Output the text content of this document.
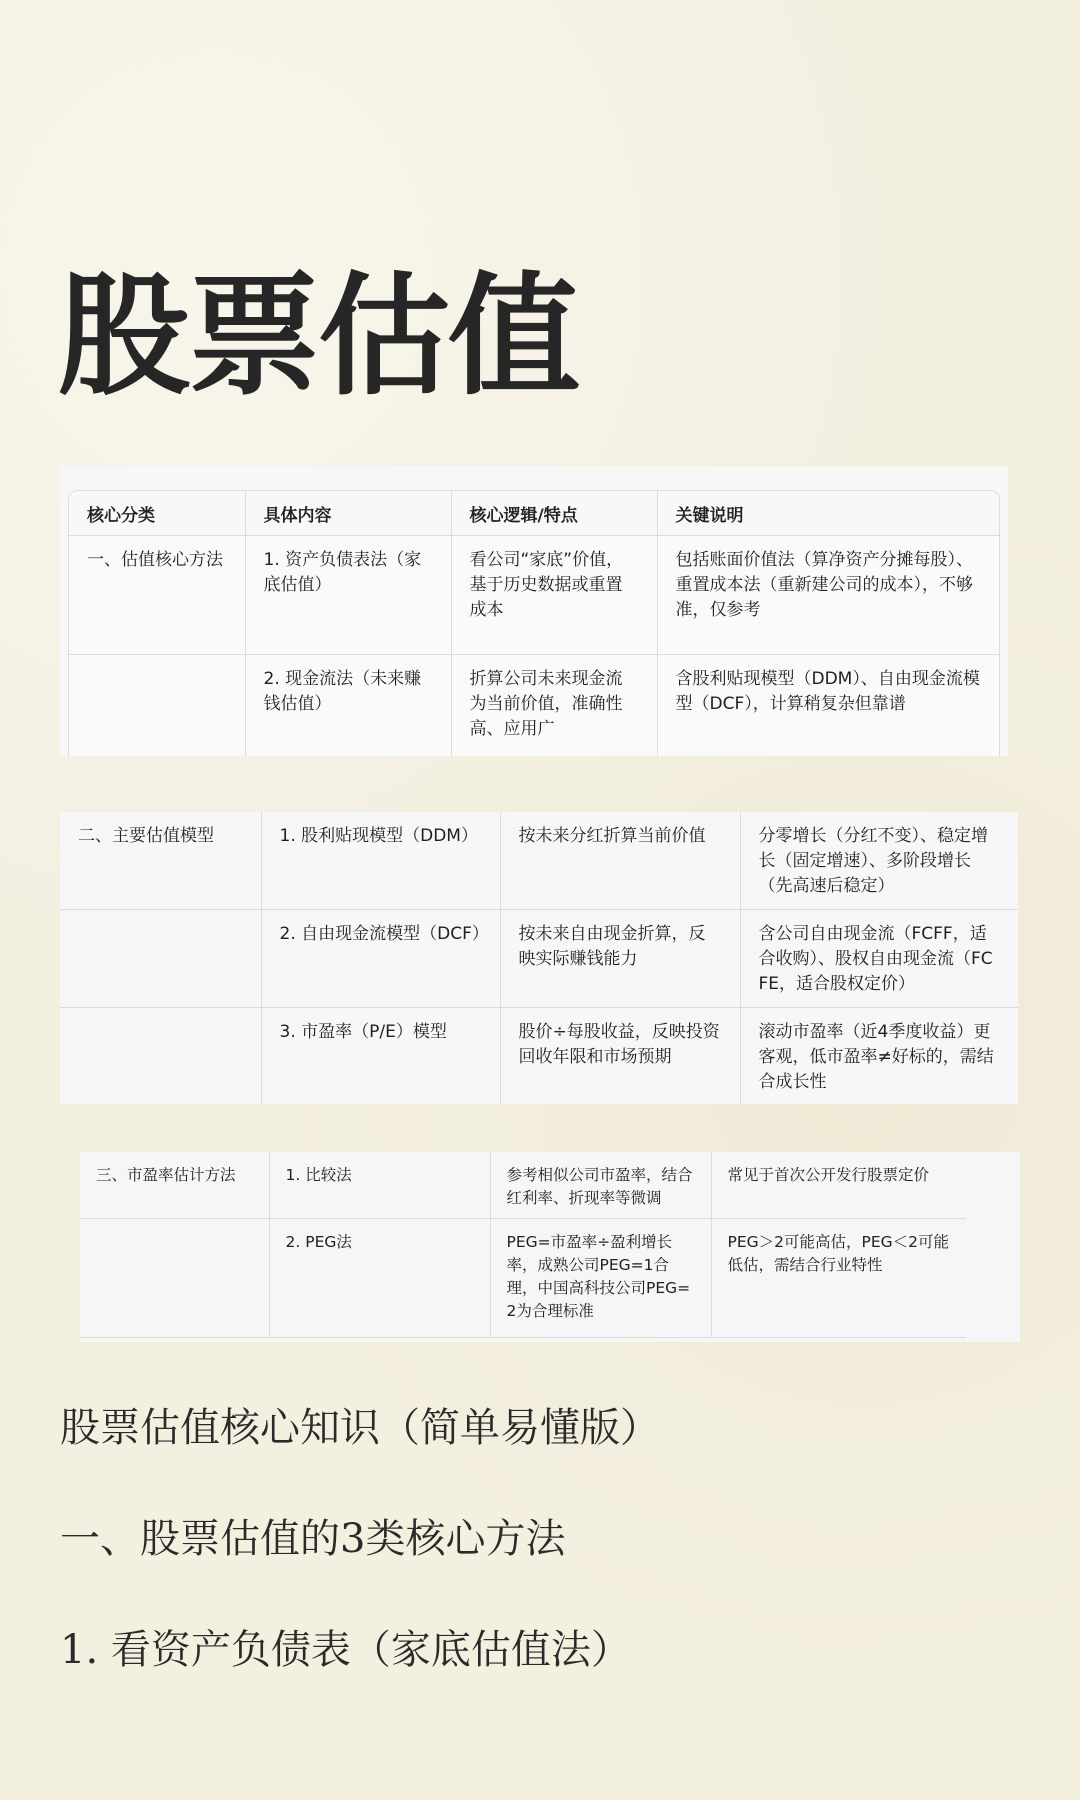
股票估值
核心分类	具体内容	核心逻辑/特点	关键说明
一、估值核心方法	1. 资产负债表法（家底估值）	看公司“家底”价值，基于历史数据或重置成本	包括账面价值法（算净资产分摊每股）、重置成本法（重新建公司的成本），不够准，仅参考
	2. 现金流法（未来赚钱估值）	折算公司未来现金流为当前价值，准确性高、应用广	含股利贴现模型（DDM）、自由现金流模型（DCF），计算稍复杂但靠谱
二、主要估值模型	1. 股利贴现模型（DDM）	按未来分红折算当前价值	分零增长（分红不变）、稳定增长（固定增速）、多阶段增长（先高速后稳定）
	2. 自由现金流模型（DCF）	按未来自由现金折算，反映实际赚钱能力	含公司自由现金流（FCFF，适合收购）、股权自由现金流（FCFE，适合股权定价）
	3. 市盈率（P/E）模型	股价÷每股收益，反映投资回收年限和市场预期	滚动市盈率（近4季度收益）更客观，低市盈率≠好标的，需结合成长性
三、市盈率估计方法	1. 比较法	参考相似公司市盈率，结合红利率、折现率等微调	常见于首次公开发行股票定价
	2. PEG法	PEG=市盈率÷盈利增长率，成熟公司PEG=1合理，中国高科技公司PEG=2为合理标准	PEG＞2可能高估，PEG＜2可能低估，需结合行业特性

股票估值核心知识（简单易懂版）

一、股票估值的3类核心方法

1. 看资产负债表（家底估值法）
